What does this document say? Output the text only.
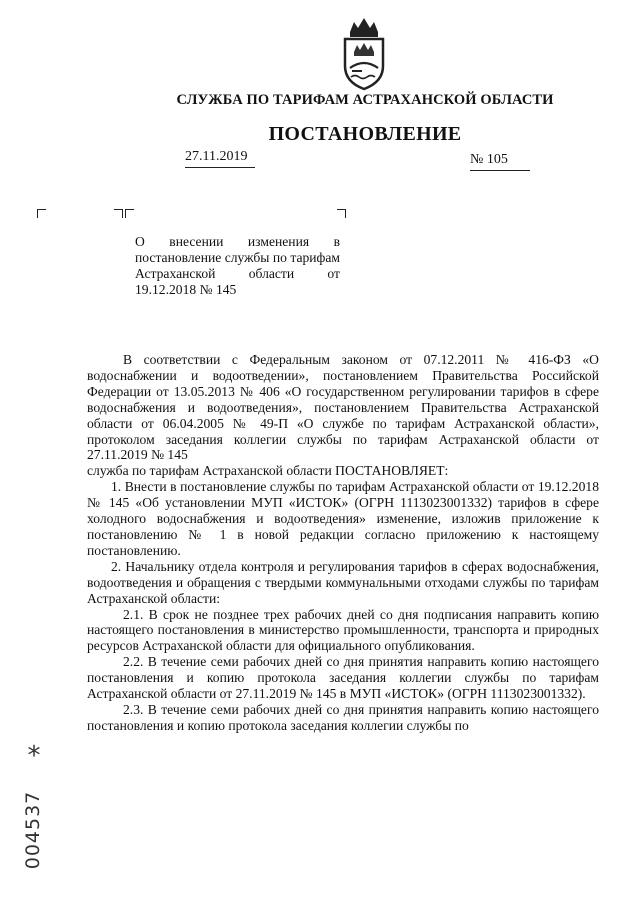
СЛУЖБА ПО ТАРИФАМ АСТРАХАНСКОЙ ОБЛАСТИ
ПОСТАНОВЛЕНИЕ
27.11.2019	№ 105
О внесении изменения в постановление службы по тарифам Астраханской области от 19.12.2018 № 145

В соответствии с Федеральным законом от 07.12.2011 № 416-ФЗ «О водоснабжении и водоотведении», постановлением Правительства Российской Федерации от 13.05.2013 № 406 «О государственном регулировании тарифов в сфере водоснабжения и водоотведения», постановлением Правительства Астраханской области от 06.04.2005 № 49-П «О службе по тарифам Астраханской области», протоколом заседания коллегии службы по тарифам Астраханской области от 27.11.2019 № 145

служба по тарифам Астраханской области ПОСТАНОВЛЯЕТ:

1. Внести в постановление службы по тарифам Астраханской области от 19.12.2018 № 145 «Об установлении МУП «ИСТОК» (ОГРН 1113023001332) тарифов в сфере холодного водоснабжения и водоотведения» изменение, изложив приложение к постановлению № 1 в новой редакции согласно приложению к настоящему постановлению.

2. Начальнику отдела контроля и регулирования тарифов в сферах водоснабжения, водоотведения и обращения с твердыми коммунальными отходами службы по тарифам Астраханской области:

2.1. В срок не позднее трех рабочих дней со дня подписания направить копию настоящего постановления в министерство промышленности, транспорта и природных ресурсов Астраханской области для официального опубликования.

2.2. В течение семи рабочих дней со дня принятия направить копию настоящего постановления и копию протокола заседания коллегии службы по тарифам Астраханской области от 27.11.2019 № 145 в МУП «ИСТОК» (ОГРН 1113023001332).

2.3. В течение семи рабочих дней со дня принятия направить копию настоящего постановления и копию протокола заседания коллегии службы по

*
004537
